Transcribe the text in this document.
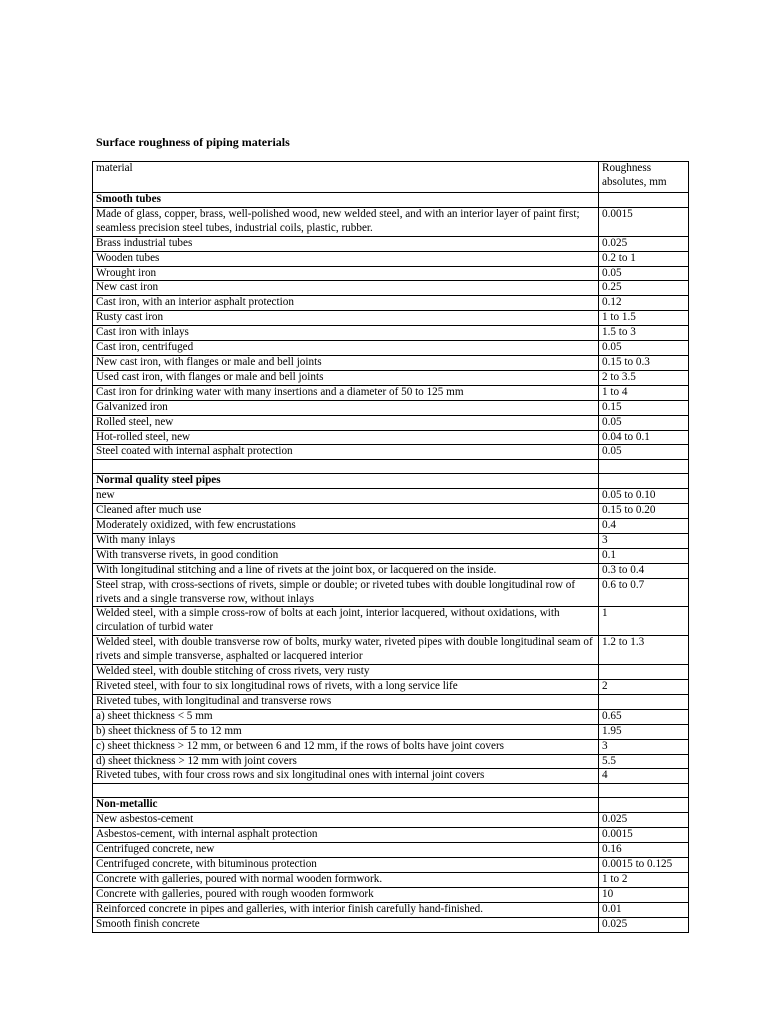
Surface roughness of piping materials
material	Roughness absolutes, mm
Smooth tubes	
Made of glass, copper, brass, well-polished wood, new welded steel, and with an interior layer of paint first; seamless precision steel tubes, industrial coils, plastic, rubber.	0.0015
Brass industrial tubes	0.025
Wooden tubes	0.2 to 1
Wrought iron	0.05
New cast iron	0.25
Cast iron, with an interior asphalt protection	0.12
Rusty cast iron	1 to 1.5
Cast iron with inlays	1.5 to 3
Cast iron, centrifuged	0.05
New cast iron, with flanges or male and bell joints	0.15 to 0.3
Used cast iron, with flanges or male and bell joints	2 to 3.5
Cast iron for drinking water with many insertions and a diameter of 50 to 125 mm	1 to 4
Galvanized iron	0.15
Rolled steel, new	0.05
Hot-rolled steel, new	0.04 to 0.1
Steel coated with internal asphalt protection	0.05

Normal quality steel pipes	
new	0.05 to 0.10
Cleaned after much use	0.15 to 0.20
Moderately oxidized, with few encrustations	0.4
With many inlays	3
With transverse rivets, in good condition	0.1
With longitudinal stitching and a line of rivets at the joint box, or lacquered on the inside.	0.3 to 0.4
Steel strap, with cross-sections of rivets, simple or double; or riveted tubes with double longitudinal row of rivets and a single transverse row, without inlays	0.6 to 0.7
Welded steel, with a simple cross-row of bolts at each joint, interior lacquered, without oxidations, with circulation of turbid water	1
Welded steel, with double transverse row of bolts, murky water, riveted pipes with double longitudinal seam of rivets and simple transverse, asphalted or lacquered interior	1.2 to 1.3
Welded steel, with double stitching of cross rivets, very rusty	
Riveted steel, with four to six longitudinal rows of rivets, with a long service life	2
Riveted tubes, with longitudinal and transverse rows	
a) sheet thickness < 5 mm	0.65
b) sheet thickness of 5 to 12 mm	1.95
c) sheet thickness > 12 mm, or between 6 and 12 mm, if the rows of bolts have joint covers	3
d) sheet thickness > 12 mm with joint covers	5.5
Riveted tubes, with four cross rows and six longitudinal ones with internal joint covers	4

Non-metallic	
New asbestos-cement	0.025
Asbestos-cement, with internal asphalt protection	0.0015
Centrifuged concrete, new	0.16
Centrifuged concrete, with bituminous protection	0.0015 to 0.125
Concrete with galleries, poured with normal wooden formwork.	1 to 2
Concrete with galleries, poured with rough wooden formwork	10
Reinforced concrete in pipes and galleries, with interior finish carefully hand-finished.	0.01
Smooth finish concrete	0.025
